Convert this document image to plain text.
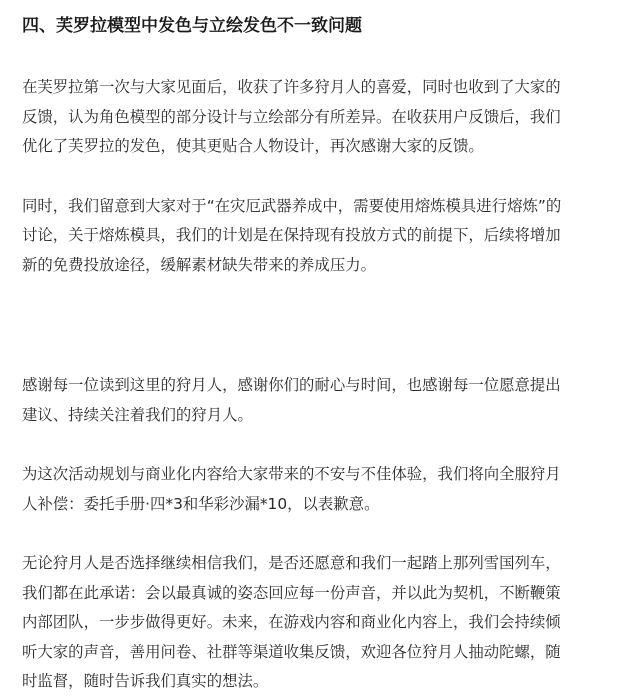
四、芙罗拉模型中发色与立绘发色不一致问题

在芙罗拉第一次与大家见面后，收获了许多狩月人的喜爱，同时也收到了大家的
反馈，认为角色模型的部分设计与立绘部分有所差异。在收获用户反馈后，我们
优化了芙罗拉的发色，使其更贴合人物设计，再次感谢大家的反馈。

同时，我们留意到大家对于“在灾厄武器养成中，需要使用熔炼模具进行熔炼”的
讨论，关于熔炼模具，我们的计划是在保持现有投放方式的前提下，后续将增加
新的免费投放途径，缓解素材缺失带来的养成压力。

感谢每一位读到这里的狩月人，感谢你们的耐心与时间，也感谢每一位愿意提出
建议、持续关注着我们的狩月人。

为这次活动规划与商业化内容给大家带来的不安与不佳体验，我们将向全服狩月
人补偿：委托手册·四*3和华彩沙漏*10，以表歉意。

无论狩月人是否选择继续相信我们，是否还愿意和我们一起踏上那列雪国列车，
我们都在此承诺：会以最真诚的姿态回应每一份声音，并以此为契机，不断鞭策
内部团队，一步步做得更好。未来，在游戏内容和商业化内容上，我们会持续倾
听大家的声音，善用问卷、社群等渠道收集反馈，欢迎各位狩月人抽动陀螺，随
时监督，随时告诉我们真实的想法。
